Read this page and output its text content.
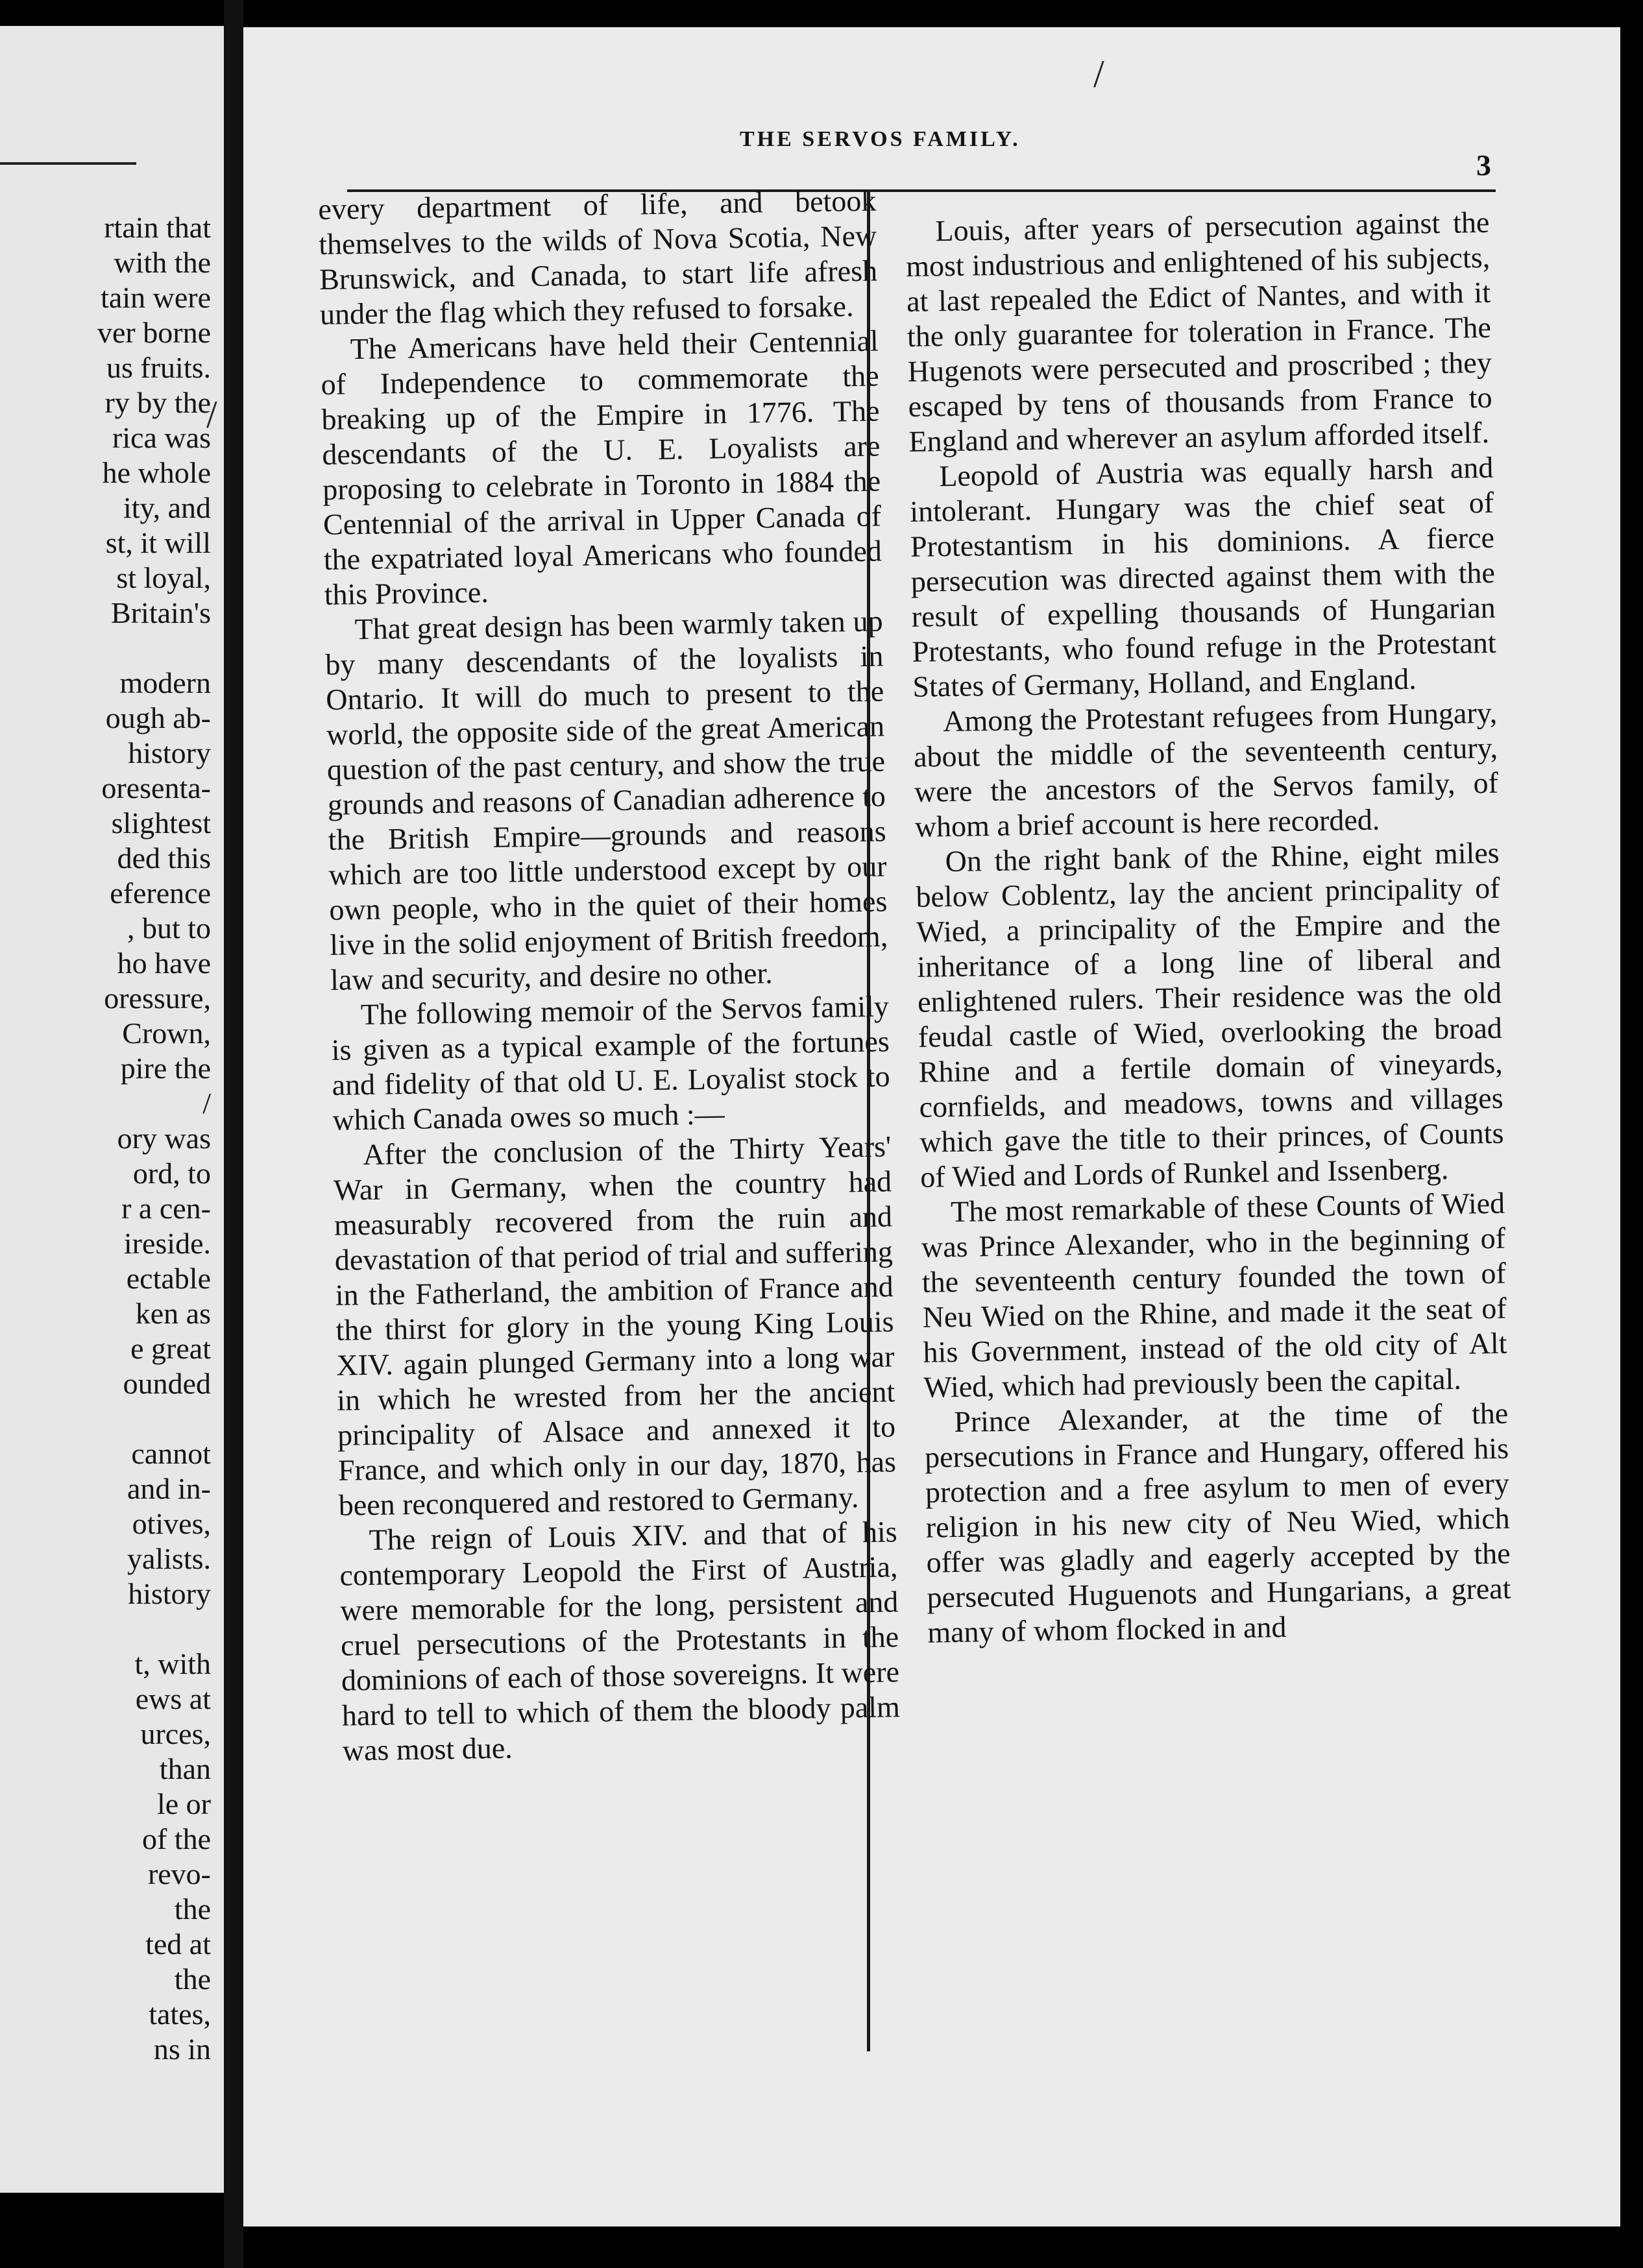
rtain that
with the
tain were
ver borne
us fruits.
ry by the
rica was
he whole
ity, and
st, it will
st loyal,
Britain's
modern
ough ab-
history
oresenta-
slightest
ded this
eference
, but to
ho have
oressure,
Crown,
pire the
/
ory was
ord, to
r a cen-
ireside.
ectable
ken as
e great
ounded
cannot
and in-
otives,
yalists.
history
t, with
ews at
urces,
than
le or
of the
revo-
the
ted at
the
tates,
ns in
THE SERVOS FAMILY.
3
/
/

every department of life, and betook themselves to the wilds of Nova Scotia, New Brunswick, and Canada, to start life afresh under the flag which they refused to forsake.

The Americans have held their Centennial of Independence to commemorate the breaking up of the Empire in 1776. The descendants of the U. E. Loyalists are proposing to celebrate in Toronto in 1884 the Centennial of the arrival in Upper Canada of the expatriated loyal Americans who founded this Province.

That great design has been warmly taken up by many descendants of the loyalists in Ontario. It will do much to present to the world, the opposite side of the great American question of the past century, and show the true grounds and reasons of Canadian adherence to the British Empire—grounds and reasons which are too little understood except by our own people, who in the quiet of their homes live in the solid enjoyment of British freedom, law and security, and desire no other.

The following memoir of the Servos family is given as a typical example of the fortunes and fidelity of that old U. E. Loyalist stock to which Canada owes so much :—

After the conclusion of the Thirty Years' War in Germany, when the country had measurably recovered from the ruin and devastation of that period of trial and suffering in the Fatherland, the ambition of France and the thirst for glory in the young King Louis XIV. again plunged Germany into a long war in which he wrested from her the ancient principality of Alsace and annexed it to France, and which only in our day, 1870, has been reconquered and restored to Germany.

The reign of Louis XIV. and that of his contemporary Leopold the First of Austria, were memorable for the long, persistent and cruel persecutions of the Protestants in the dominions of each of those sovereigns. It were hard to tell to which of them the bloody palm was most due.

Louis, after years of persecution against the most industrious and enlightened of his subjects, at last repealed the Edict of Nantes, and with it the only guarantee for toleration in France. The Hugenots were persecuted and proscribed ; they escaped by tens of thousands from France to England and wherever an asylum afforded itself.

Leopold of Austria was equally harsh and intolerant. Hungary was the chief seat of Protestantism in his dominions. A fierce persecution was directed against them with the result of expelling thousands of Hungarian Protestants, who found refuge in the Protestant States of Germany, Holland, and England.

Among the Protestant refugees from Hungary, about the middle of the seventeenth century, were the ancestors of the Servos family, of whom a brief account is here recorded.

On the right bank of the Rhine, eight miles below Coblentz, lay the ancient principality of Wied, a principality of the Empire and the inheritance of a long line of liberal and enlightened rulers. Their residence was the old feudal castle of Wied, overlooking the broad Rhine and a fertile domain of vineyards, cornfields, and meadows, towns and villages which gave the title to their princes, of Counts of Wied and Lords of Runkel and Issenberg.

The most remarkable of these Counts of Wied was Prince Alexander, who in the beginning of the seventeenth century founded the town of Neu Wied on the Rhine, and made it the seat of his Government, instead of the old city of Alt Wied, which had previously been the capital.

Prince Alexander, at the time of the persecutions in France and Hungary, offered his protection and a free asylum to men of every religion in his new city of Neu Wied, which offer was gladly and eagerly accepted by the persecuted Huguenots and Hungarians, a great many of whom flocked in and
